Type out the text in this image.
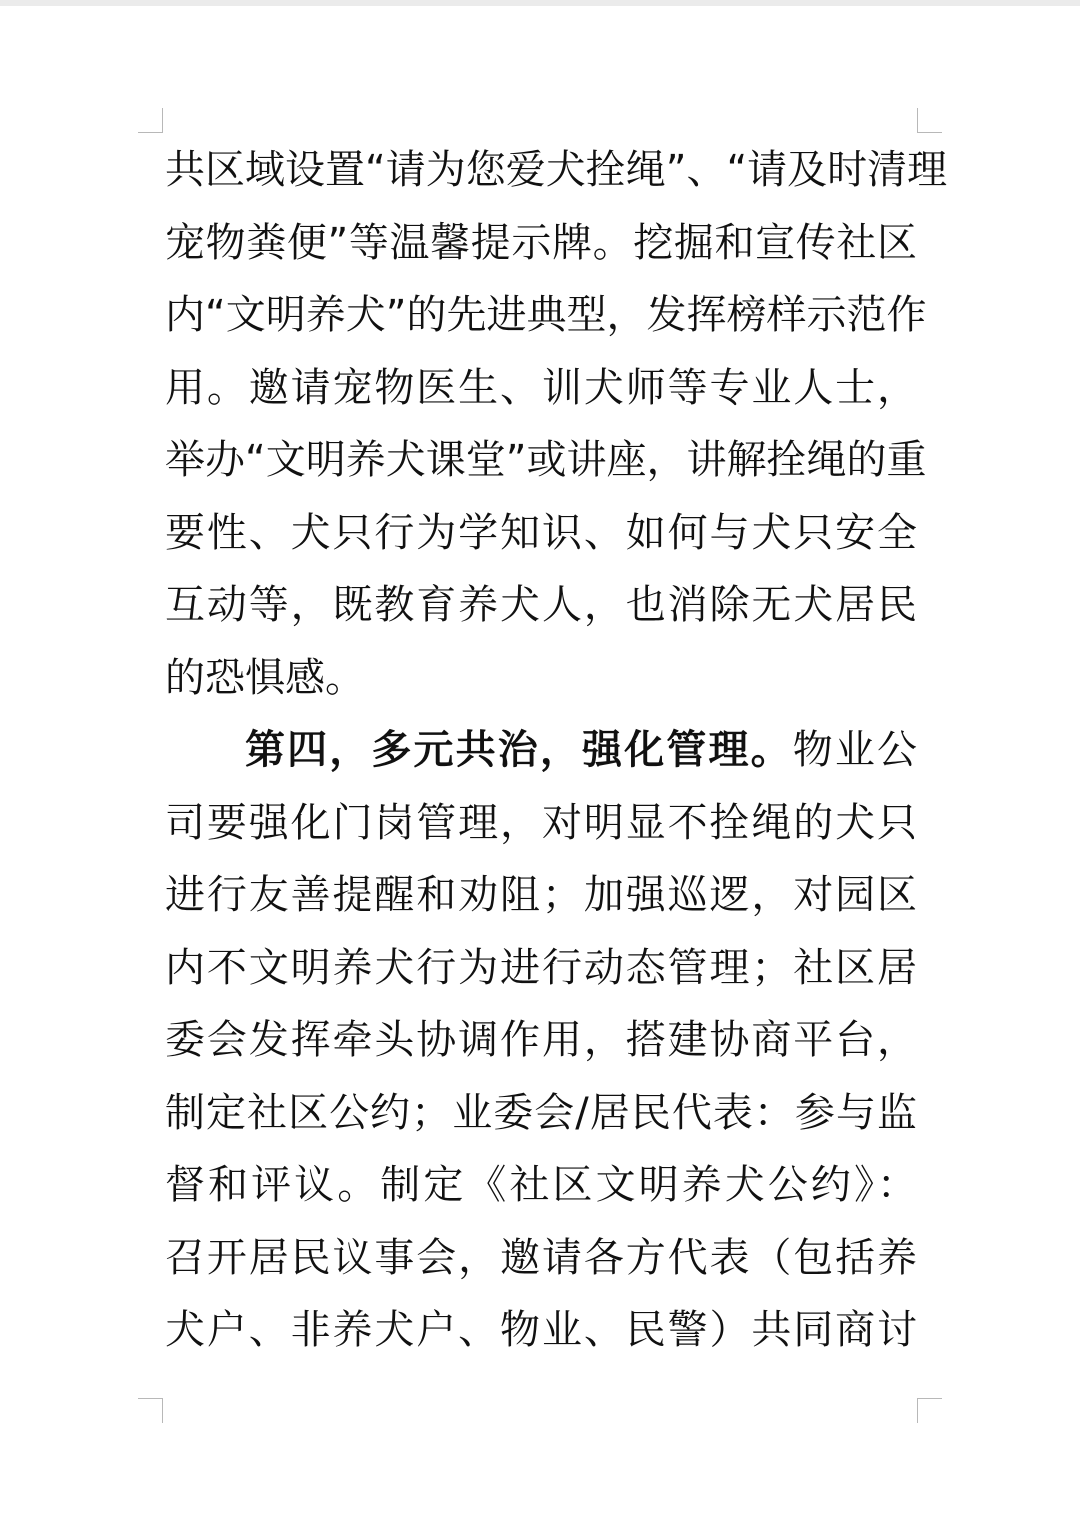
共区域设置“请为您爱犬拴绳”、“请及时清理
宠物粪便”等温馨提示牌。挖掘和宣传社区
内“文明养犬”的先进典型，发挥榜样示范作
用。邀请宠物医生、训犬师等专业人士，
举办“文明养犬课堂”或讲座，讲解拴绳的重
要性、犬只行为学知识、如何与犬只安全
互动等，既教育养犬人，也消除无犬居民
的恐惧感。
第四，多元共治，强化管理。物业公
司要强化门岗管理，对明显不拴绳的犬只
进行友善提醒和劝阻；加强巡逻，对园区
内不文明养犬行为进行动态管理；社区居
委会发挥牵头协调作用，搭建协商平台，
制定社区公约；业委会/居民代表：参与监
督和评议。制定《社区文明养犬公约》：
召开居民议事会，邀请各方代表（包括养
犬户、非养犬户、物业、民警）共同商讨
